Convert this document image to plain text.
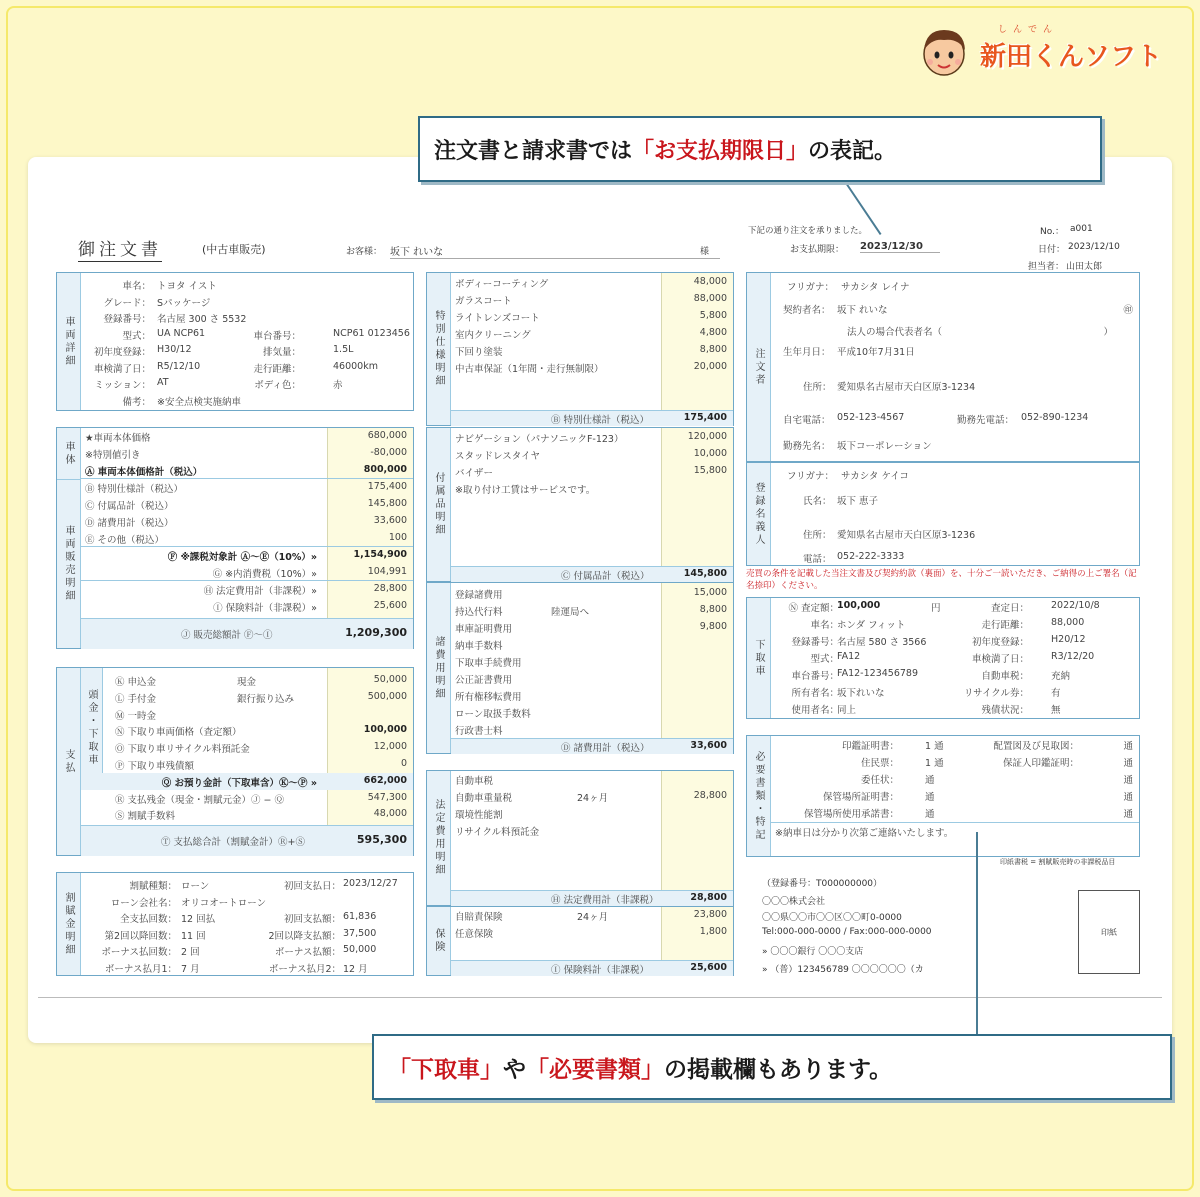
しんでん
新田くんソフト
御注文書	(中古車販売)	お客様： 坂下 れいな	様
下記の通り注文を承りました。
お支払期限： 2023/12/30
No.： a001
日付： 2023/12/10
担当者： 山田太郎
車両詳細
車名： トヨタ イスト
グレード： Sパッケージ
登録番号： 名古屋 300 さ 5532
型式： UA NCP61	車台番号：	NCP61 0123456
初年度登録： H30/12	排気量：	1.5L
車検満了日： R5/12/10	走行距離：	46000km
ミッション： AT	ボディ色：	赤
備考： ※安全点検実施納車
車体
車両販売明細
★車両本体価格	680,000
※特別値引き	-80,000
Ⓐ 車両本体価格計（税込）	800,000
Ⓑ 特別仕様計（税込）	175,400
Ⓒ 付属品計（税込）	145,800
Ⓓ 諸費用計（税込）	33,600
Ⓔ その他（税込）	100
Ⓕ ※課税対象計 Ⓐ〜Ⓔ（10%）»	1,154,900
Ⓖ ※内消費税（10%）»	104,991
Ⓗ 法定費用計（非課税）»	28,800
Ⓘ 保険料計（非課税）»	25,600
Ⓙ 販売総額計 Ⓕ〜Ⓘ	1,209,300
支払 頭金・下取車
Ⓚ 申込金	現金	50,000
Ⓛ 手付金	銀行振り込み	500,000
Ⓜ 一時金
Ⓝ 下取り車両価格（査定額）	100,000
Ⓞ 下取り車リサイクル料預託金	12,000
Ⓟ 下取り車残債額	0
Ⓠ お預り金計（下取車含）Ⓚ〜Ⓟ »	662,000
Ⓡ 支払残金（現金・割賦元金）Ⓙ − Ⓠ	547,300
Ⓢ 割賦手数料	48,000
Ⓣ 支払総合計（割賦金計）Ⓡ+Ⓢ	595,300
割賦金明細
割賦種類： ローン	初回支払日： 2023/12/27
ローン会社名： オリコオートローン
全支払回数： 12 回払	初回支払額： 61,836
第2回以降回数： 11 回	2回以降支払額： 37,500
ボーナス払回数： 2 回	ボーナス払額： 50,000
ボーナス払月1： 7 月	ボーナス払月2： 12 月
特別仕様明細
ボディーコーティング	48,000
ガラスコート	88,000
ライトレンズコート	5,800
室内クリーニング	4,800
下回り塗装	8,800
中古車保証（1年間・走行無制限）	20,000
Ⓑ 特別仕様計（税込）	175,400
付属品明細
ナビゲーション（パナソニックF-123）	120,000
スタッドレスタイヤ	10,000
バイザー	15,800
※取り付け工賃はサービスです。
Ⓒ 付属品計（税込）	145,800
諸費用明細
登録諸費用	15,000
持込代行料	陸運局へ	8,800
車庫証明費用	9,800
納車手数料
下取車手続費用
公正証書費用
所有権移転費用
ローン取扱手数料
行政書士料
Ⓓ 諸費用計（税込）	33,600
法定費用明細
自動車税
自動車重量税	24ヶ月	28,800
環境性能割
リサイクル料預託金
Ⓗ 法定費用計（非課税）	28,800
保険
自賠責保険	24ヶ月	23,800
任意保険	1,800
Ⓘ 保険料計（非課税）	25,600
注文者
フリガナ： サカシタ レイナ
契約者名： 坂下 れいな	㊞
法人の場合代表者名（　　　　　　　　　　　　　　　　　）
生年月日： 平成10年7月31日
住所： 愛知県名古屋市天白区原3-1234
自宅電話： 052-123-4567	勤務先電話： 052-890-1234
勤務先名： 坂下コーポレーション
登録名義人
フリガナ： サカシタ ケイコ
氏名： 坂下 恵子
住所： 愛知県名古屋市天白区原3-1236
電話： 052-222-3333
売買の条件を記載した当注文書及び契約約款（裏面）を、十分ご一読いただき、ご納得の上ご署名（記名捺印）ください。
下取車
Ⓝ 査定額：
100,000	円	査定日： 2022/10/8
車名：
ホンダ フィット	走行距離： 88,000
登録番号：
名古屋 580 さ 3566	初年度登録： H20/12
型式：
FA12	車検満了日： R3/12/20
車台番号：
FA12-123456789	自動車税： 充納
所有者名：
坂下れいな	リサイクル券： 有
使用者名：
同上	残債状況： 無
必要書類・特記
印鑑証明書：	1 通	配置図及び見取図：	通
住民票：	1 通	保証人印鑑証明：	通
委任状：	通	通
保管場所証明書：	通	通
保管場所使用承諾書：	通	通
※納車日は分かり次第ご連絡いたします。
印紙書税 = 割賦販売時の非課税品目
（登録番号：T000000000）
〇〇〇株式会社
〇〇県〇〇市〇〇区〇〇町0-0000
Tel:000-000-0000 / Fax:000-000-0000
» 〇〇〇銀行 〇〇〇支店
» （普）123456789 〇〇〇〇〇〇（カ
印紙
注文書と請求書では 「お支払期限日」 の表記。
「下取車」 や 「必要書類」 の掲載欄もあります。
